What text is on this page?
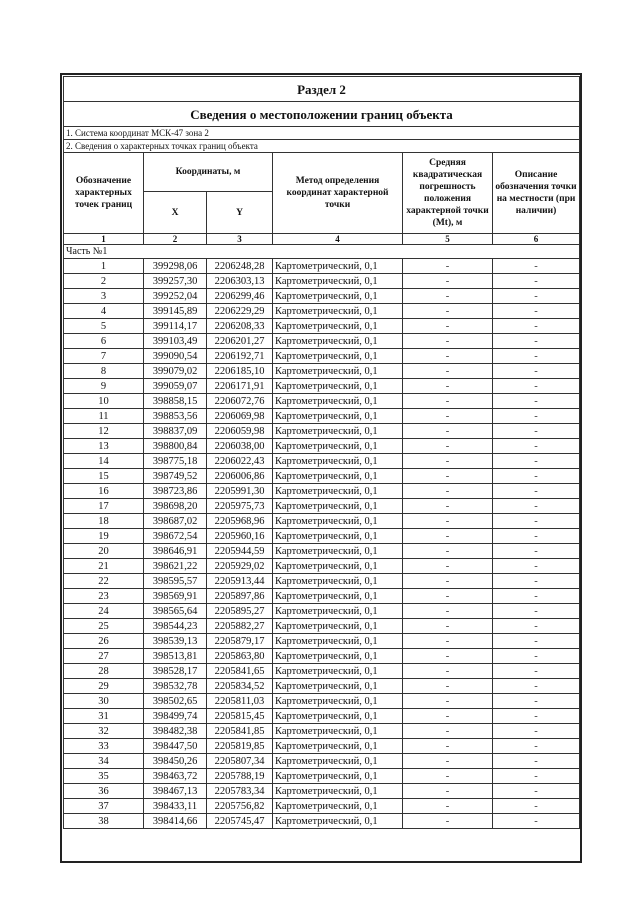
Раздел 2					
Сведения о местоположении границ объекта					
1. Система координат МСК-47 зона 2					
2. Сведения о характерных точках границ объекта					
Обозначение характерных точек границ	Координаты, м		Метод определения координат характерной точки	Средняя квадратическая погрешность положения характерной точки (Mt), м	Описание обозначения точки на местности (при наличии)
	X	Y			
1	2	3	4	5	6
Часть №1					
1	399298,06	2206248,28	Картометрический, 0,1	-	-
2	399257,30	2206303,13	Картометрический, 0,1	-	-
3	399252,04	2206299,46	Картометрический, 0,1	-	-
4	399145,89	2206229,29	Картометрический, 0,1	-	-
5	399114,17	2206208,33	Картометрический, 0,1	-	-
6	399103,49	2206201,27	Картометрический, 0,1	-	-
7	399090,54	2206192,71	Картометрический, 0,1	-	-
8	399079,02	2206185,10	Картометрический, 0,1	-	-
9	399059,07	2206171,91	Картометрический, 0,1	-	-
10	398858,15	2206072,76	Картометрический, 0,1	-	-
11	398853,56	2206069,98	Картометрический, 0,1	-	-
12	398837,09	2206059,98	Картометрический, 0,1	-	-
13	398800,84	2206038,00	Картометрический, 0,1	-	-
14	398775,18	2206022,43	Картометрический, 0,1	-	-
15	398749,52	2206006,86	Картометрический, 0,1	-	-
16	398723,86	2205991,30	Картометрический, 0,1	-	-
17	398698,20	2205975,73	Картометрический, 0,1	-	-
18	398687,02	2205968,96	Картометрический, 0,1	-	-
19	398672,54	2205960,16	Картометрический, 0,1	-	-
20	398646,91	2205944,59	Картометрический, 0,1	-	-
21	398621,22	2205929,02	Картометрический, 0,1	-	-
22	398595,57	2205913,44	Картометрический, 0,1	-	-
23	398569,91	2205897,86	Картометрический, 0,1	-	-
24	398565,64	2205895,27	Картометрический, 0,1	-	-
25	398544,23	2205882,27	Картометрический, 0,1	-	-
26	398539,13	2205879,17	Картометрический, 0,1	-	-
27	398513,81	2205863,80	Картометрический, 0,1	-	-
28	398528,17	2205841,65	Картометрический, 0,1	-	-
29	398532,78	2205834,52	Картометрический, 0,1	-	-
30	398502,65	2205811,03	Картометрический, 0,1	-	-
31	398499,74	2205815,45	Картометрический, 0,1	-	-
32	398482,38	2205841,85	Картометрический, 0,1	-	-
33	398447,50	2205819,85	Картометрический, 0,1	-	-
34	398450,26	2205807,34	Картометрический, 0,1	-	-
35	398463,72	2205788,19	Картометрический, 0,1	-	-
36	398467,13	2205783,34	Картометрический, 0,1	-	-
37	398433,11	2205756,82	Картометрический, 0,1	-	-
38	398414,66	2205745,47	Картометрический, 0,1	-	-
